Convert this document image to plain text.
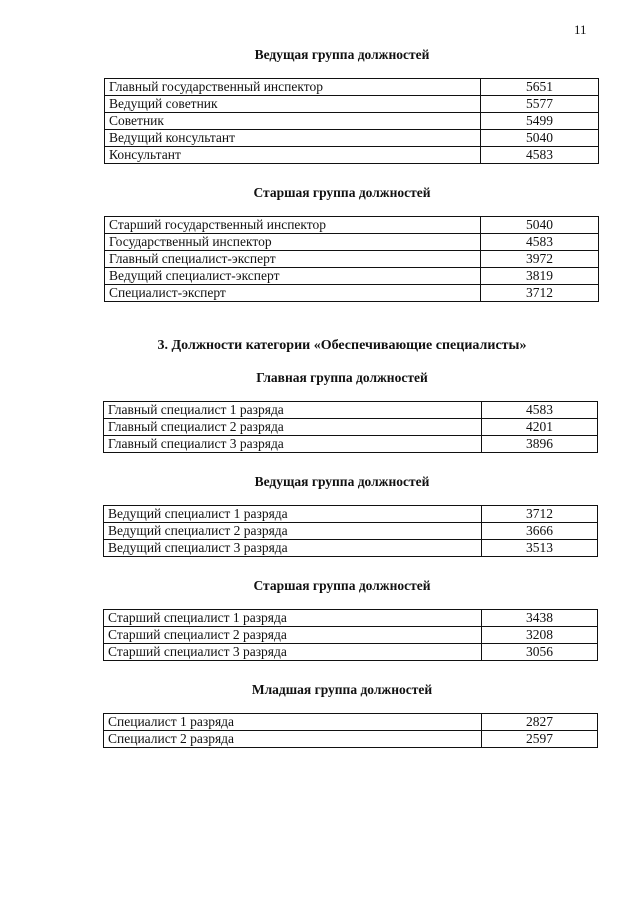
11
Ведущая группа должностей
Главный государственный инспектор	5651
Ведущий советник	5577
Советник	5499
Ведущий консультант	5040
Консультант	4583
Старшая группа должностей
Старший государственный инспектор	5040
Государственный инспектор	4583
Главный специалист-эксперт	3972
Ведущий специалист-эксперт	3819
Специалист-эксперт	3712
3. Должности категории «Обеспечивающие специалисты»
Главная группа должностей
Главный специалист 1 разряда	4583
Главный специалист 2 разряда	4201
Главный специалист 3 разряда	3896
Ведущая группа должностей
Ведущий специалист 1 разряда	3712
Ведущий специалист 2 разряда	3666
Ведущий специалист 3 разряда	3513
Старшая группа должностей
Старший специалист 1 разряда	3438
Старший специалист 2 разряда	3208
Старший специалист 3 разряда	3056
Младшая группа должностей
Специалист 1 разряда	2827
Специалист 2 разряда	2597
